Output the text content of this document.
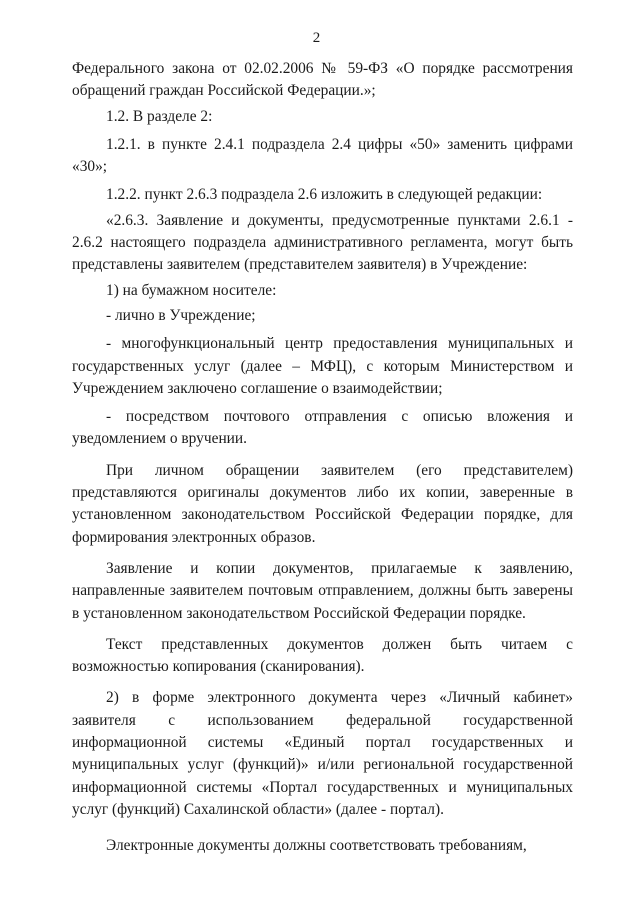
2

Федерального закона от 02.02.2006 № 59-ФЗ «О порядке рассмотрения обращений граждан Российской Федерации.»;

1.2. В разделе 2:

1.2.1. в пункте 2.4.1 подраздела 2.4 цифры «50» заменить цифрами «30»;

1.2.2. пункт 2.6.3 подраздела 2.6 изложить в следующей редакции:

«2.6.3. Заявление и документы, предусмотренные пунктами 2.6.1 - 2.6.2 настоящего подраздела административного регламента, могут быть представлены заявителем (представителем заявителя) в Учреждение:

1) на бумажном носителе:

- лично в Учреждение;

- многофункциональный центр предоставления муниципальных и государственных услуг (далее – МФЦ), с которым Министерством и Учреждением заключено соглашение о взаимодействии;

- посредством почтового отправления с описью вложения и уведомлением о вручении.

При личном обращении заявителем (его представителем) представляются оригиналы документов либо их копии, заверенные в установленном законодательством Российской Федерации порядке, для формирования электронных образов.

Заявление и копии документов, прилагаемые к заявлению, направленные заявителем почтовым отправлением, должны быть заверены в установленном законодательством Российской Федерации порядке.

Текст представленных документов должен быть читаем с возможностью копирования (сканирования).

2) в форме электронного документа через «Личный кабинет» заявителя с использованием федеральной государственной информационной системы «Единый портал государственных и муниципальных услуг (функций)» и/или региональной государственной информационной системы «Портал государственных и муниципальных услуг (функций) Сахалинской области» (далее - портал).

Электронные документы должны соответствовать требованиям,
